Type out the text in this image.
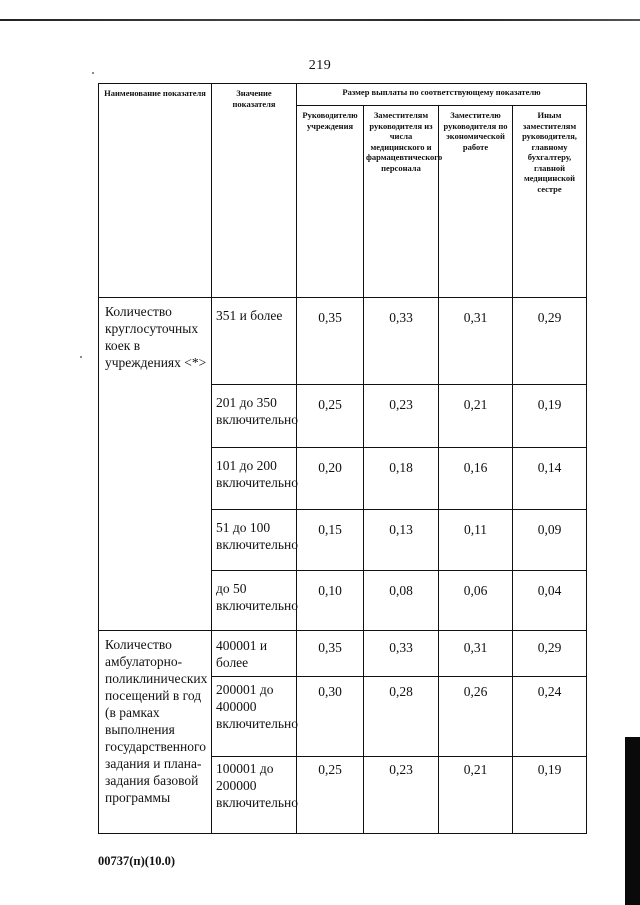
219
Наименование показателя	Значение показателя	Размер выплаты по соответствующему показателю			

		Руководителю учреждения	Заместителям руководителя из числа медицинского и фармацевтического персонала	Заместителю руководителя по экономической работе	Иным заместителям руководителя, главному бухгалтеру, главной медицинской сестре

Количество круглосуточных коек в учреждениях <*>	351 и более	0,35	0,33	0,31	0,29

	201 до 350 включительно	0,25	0,23	0,21	0,19

	101 до 200 включительно	0,20	0,18	0,16	0,14

	51 до 100 включительно	0,15	0,13	0,11	0,09

	до 50 включительно	0,10	0,08	0,06	0,04

Количество амбулаторно-поликлинических посещений в год (в рамках выполнения государственного задания и плана-задания базовой программы	400001 и более	0,35	0,33	0,31	0,29

	200001 до 400000 включительно	0,30	0,28	0,26	0,24

	100001 до 200000 включительно	0,25	0,23	0,21	0,19
00737(п)(10.0)
